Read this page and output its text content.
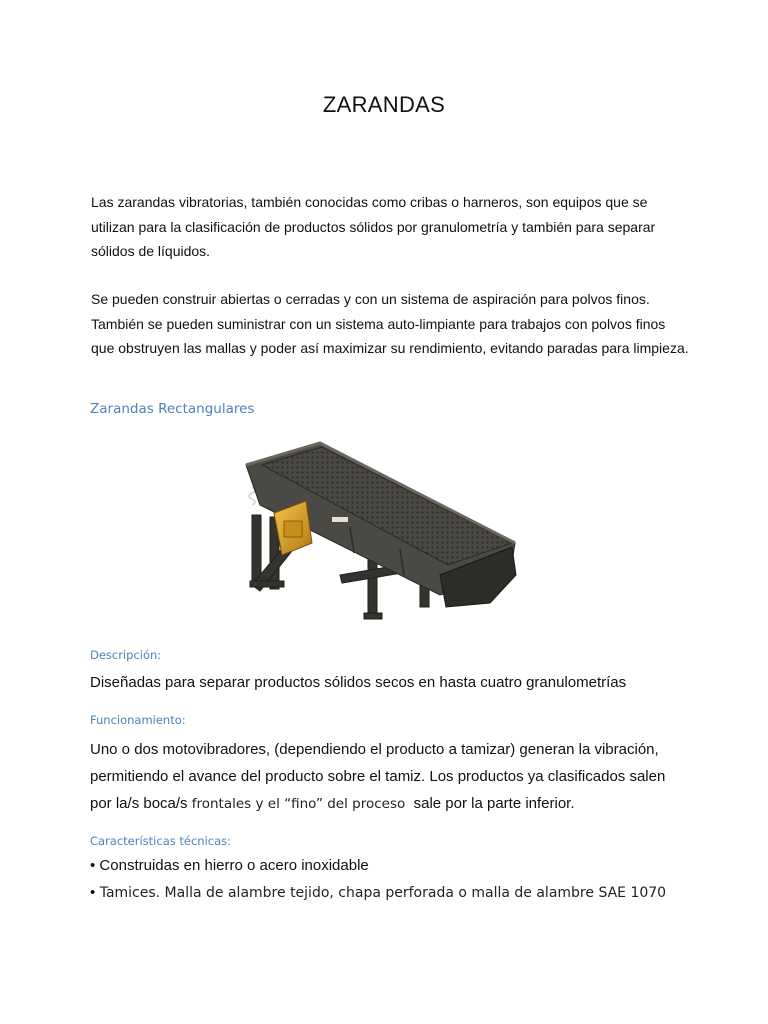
ZARANDAS

Las zarandas vibratorias, también conocidas como cribas o harneros, son equipos que se utilizan para la clasificación de productos sólidos por granulometría y también para separar sólidos de líquidos.

Se pueden construir abiertas o cerradas y con un sistema de aspiración para polvos finos. También se pueden suministrar con un sistema auto-limpiante para trabajos con polvos finos que obstruyen las mallas y poder así maximizar su rendimiento, evitando paradas para limpieza.

Zarandas Rectangulares
Descripción:

Diseñadas para separar productos sólidos secos en hasta cuatro granulometrías

Funcionamiento:

Uno o dos motovibradores, (dependiendo el producto a tamizar) generan la vibración, permitiendo el avance del producto sobre el tamiz. Los productos ya clasificados salen por la/s boca/s frontales y el “fino” del proceso  sale por la parte inferior.

Características técnicas:
• Construidas en hierro o acero inoxidable
• Tamices. Malla de alambre tejido, chapa perforada o malla de alambre SAE 1070
